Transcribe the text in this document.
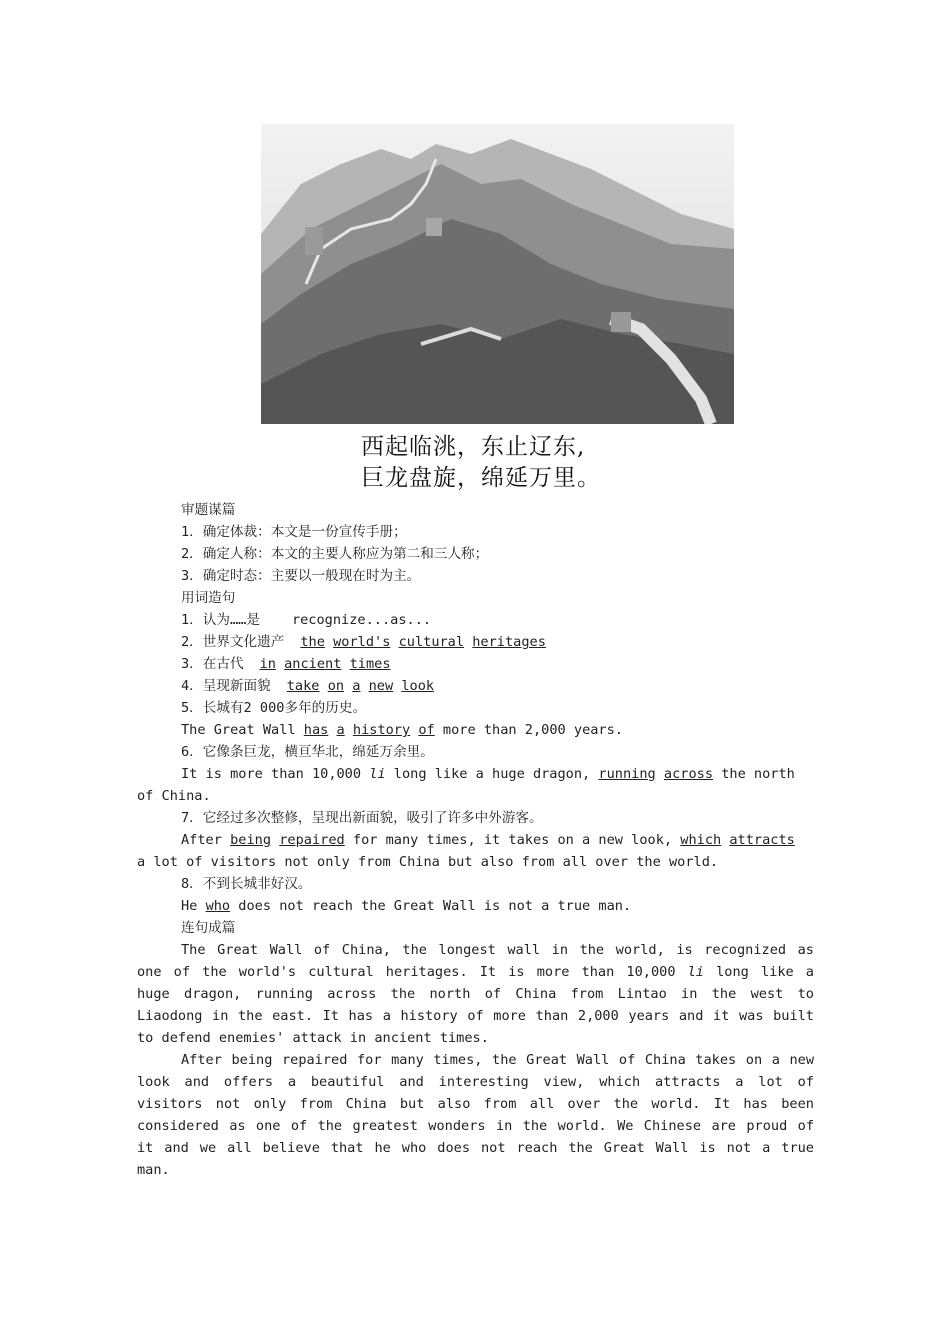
西起临洮，东止辽东,
巨龙盘旋，绵延万里。
审题谋篇
1．确定体裁：本文是一份宣传手册；
2．确定人称：本文的主要人称应为第二和三人称；
3．确定时态：主要以一般现在时为主。
用词造句
1．认为……是 recognize...as...
2．世界文化遗产 the world's cultural heritages
3．在古代 in ancient times
4．呈现新面貌 take on a new look
5．长城有2 000多年的历史。
The Great Wall has a history of more than 2,000 years.
6．它像条巨龙，横亘华北，绵延万余里。
It is more than 10,000 li long like a huge dragon, running across the north
of China.
7．它经过多次整修，呈现出新面貌，吸引了许多中外游客。
After being repaired for many times, it takes on a new look, which attracts
a lot of visitors not only from China but also from all over the world.
8．不到长城非好汉。
He who does not reach the Great Wall is not a true man.
连句成篇
The Great Wall of China, the longest wall in the world, is recognized as
one of the world's cultural heritages. It is more than 10,000 li long like a
huge dragon, running across the north of China from Lintao in the west to
Liaodong in the east. It has a history of more than 2,000 years and it was built
to defend enemies' attack in ancient times.
After being repaired for many times, the Great Wall of China takes on a new
look and offers a beautiful and interesting view, which attracts a lot of
visitors not only from China but also from all over the world. It has been
considered as one of the greatest wonders in the world. We Chinese are proud of
it and we all believe that he who does not reach the Great Wall is not a true
man.
